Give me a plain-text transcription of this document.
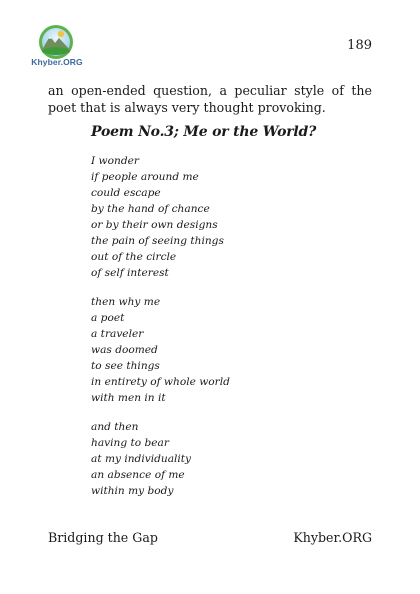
Khyber.ORG
189
an open-ended question, a peculiar style of the poet that is always very thought provoking.
Poem No.3; Me or the World?
I wonder
if people around me
could escape
by the hand of chance
or by their own designs
the pain of seeing things
out of the circle
of self interest
then why me
a poet
a traveler
was doomed
to see things
in entirety of whole world
with men in it
and then
having to bear
at my individuality
an absence of me
within my body
Bridging the Gap	Khyber.ORG
